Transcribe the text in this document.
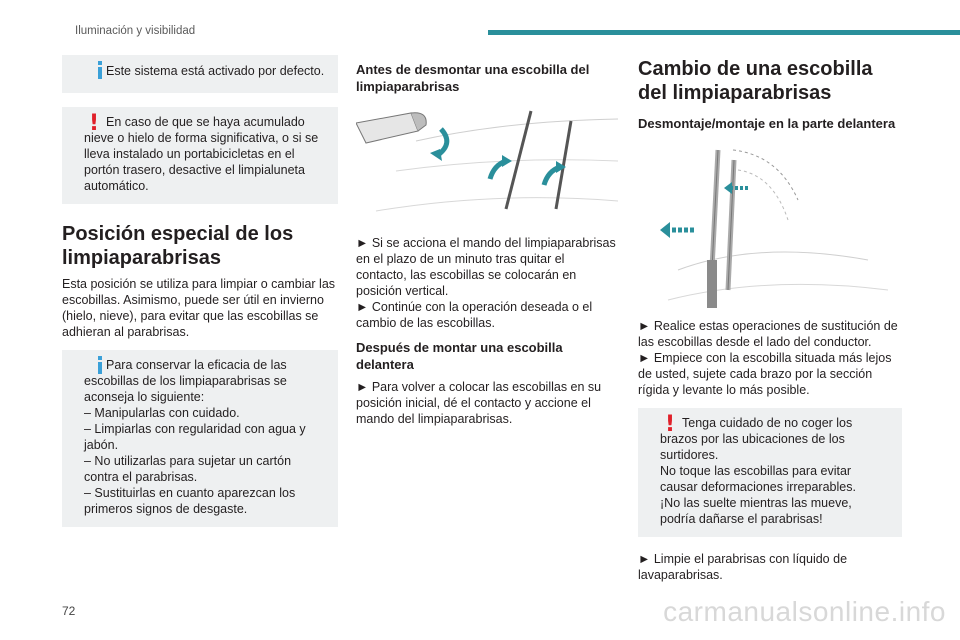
Iluminación y visibilidad
Este sistema está activado por defecto.
! En caso de que se haya acumulado nieve o hielo de forma significativa, o si se lleva instalado un portabicicletas en el portón trasero, desactive el limpialuneta automático.
Posición especial de los limpiaparabrisas

Esta posición se utiliza para limpiar o cambiar las escobillas. Asimismo, puede ser útil en invierno (hielo, nieve), para evitar que las escobillas se adhieran al parabrisas.

Para conservar la eficacia de las escobillas de los limpiaparabrisas se aconseja lo siguiente:
– Manipularlas con cuidado.
– Limpiarlas con regularidad con agua y jabón.
– No utilizarlas para sujetar un cartón contra el parabrisas.
– Sustituirlas en cuanto aparezcan los primeros signos de desgaste.
Antes de desmontar una escobilla del limpiaparabrisas

► Si se acciona el mando del limpiaparabrisas en el plazo de un minuto tras quitar el contacto, las escobillas se colocarán en posición vertical.
► Continúe con la operación deseada o el cambio de las escobillas.

Después de montar una escobilla delantera

► Para volver a colocar las escobillas en su posición inicial, dé el contacto y accione el mando del limpiaparabrisas.

Cambio de una escobilla del limpiaparabrisas
Desmontaje/montaje en la parte delantera

► Realice estas operaciones de sustitución de las escobillas desde el lado del conductor.
► Empiece con la escobilla situada más lejos de usted, sujete cada brazo por la sección rígida y levante lo más posible.

! Tenga cuidado de no coger los brazos por las ubicaciones de los surtidores.
No toque las escobillas para evitar causar deformaciones irreparables.
¡No las suelte mientras las mueve, podría dañarse el parabrisas!

► Limpie el parabrisas con líquido de lavaparabrisas.

72	carmanualsonline.info
